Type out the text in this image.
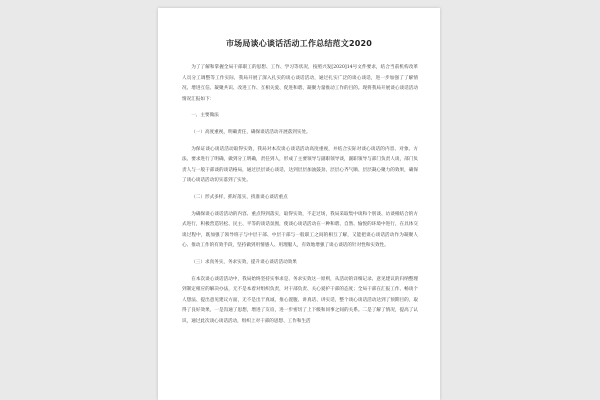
市场局谈心谈话活动工作总结范文2020

为了了解和掌握全局干部职工的思想、工作、学习等状况，按照兴发[2020]14号文件要求，结合当前机构改革人员分工调整等工作实际，我局开展了深入扎实的谈心谈话活动，通过扎实广泛的谈心谈话，进一步加强了了解情况、增进互信、凝聚共识、改进工作、互相关爱、促进和谐、凝聚力量推动工作的目的。现将我局开展谈心谈话活动情况汇报如下：

一、主要做法

（一）高度重视，明确责任，确保谈话活动开展落到实处。

为保证谈心谈话活动取得实效，我局对本次谈心谈话活动高度重视，并结合实际对谈心谈话的内容、对象、方法、要求进行了明确，做到分工明确，责任到人，形成了主要领导与副职领导谈，副职领导与部门负责人谈，部门负责人与一般干部谈的谈话格局，通过层层谈心谈话，达到层层加油鼓劲、层层心齐气顺、层层凝心聚力的效果，确保了谈心谈话活动切实落到了实处。

（二）形式多样，抓好落实，找准谈心谈话重点

为确保谈心谈话活动的内容、重点得到落实，取得实效，不走过场，我局采取集中谈和个别谈、访谈相结合的方式进行，积极营造轻松、民主、平等的谈话氛围，使谈心谈话活动在一种和谐、自然、愉悦的环境中进行，在具体交谈过程中，既加强了领导班子与中层干部、中层干部与一般职工之间的相互了解，又能把谈心谈话活动作为凝聚人心、推动工作的有效手段，坚持做到用情感人、用理服人，有效地增强了谈心谈话的针对性和实效性。

（三）求真务实，务求实效，提升谈心谈话活动效果

在本次谈心谈话活动中，我局始终坚持实事求是、务求实效这一原则，从活动的详细记录、意见建议的归纳整理到制定相应的解决办法，无不是本着对组织负责，对干部负责、关心爱护干部的态度；全局干部在汇报工作、畅谈个人想法、提出意见建议方面，无不是出于真诚，推心置腹、讲真话、讲实话，整个谈心谈话活动达到了预期目的，取得了良好效果，一是沟通了思想，增进了友谊，进一步密切了上下级和同事之间的关系。二是了解了情况，提高了认识，通过此次谈心谈话活动，组织上对干部的思想、工作和生活
